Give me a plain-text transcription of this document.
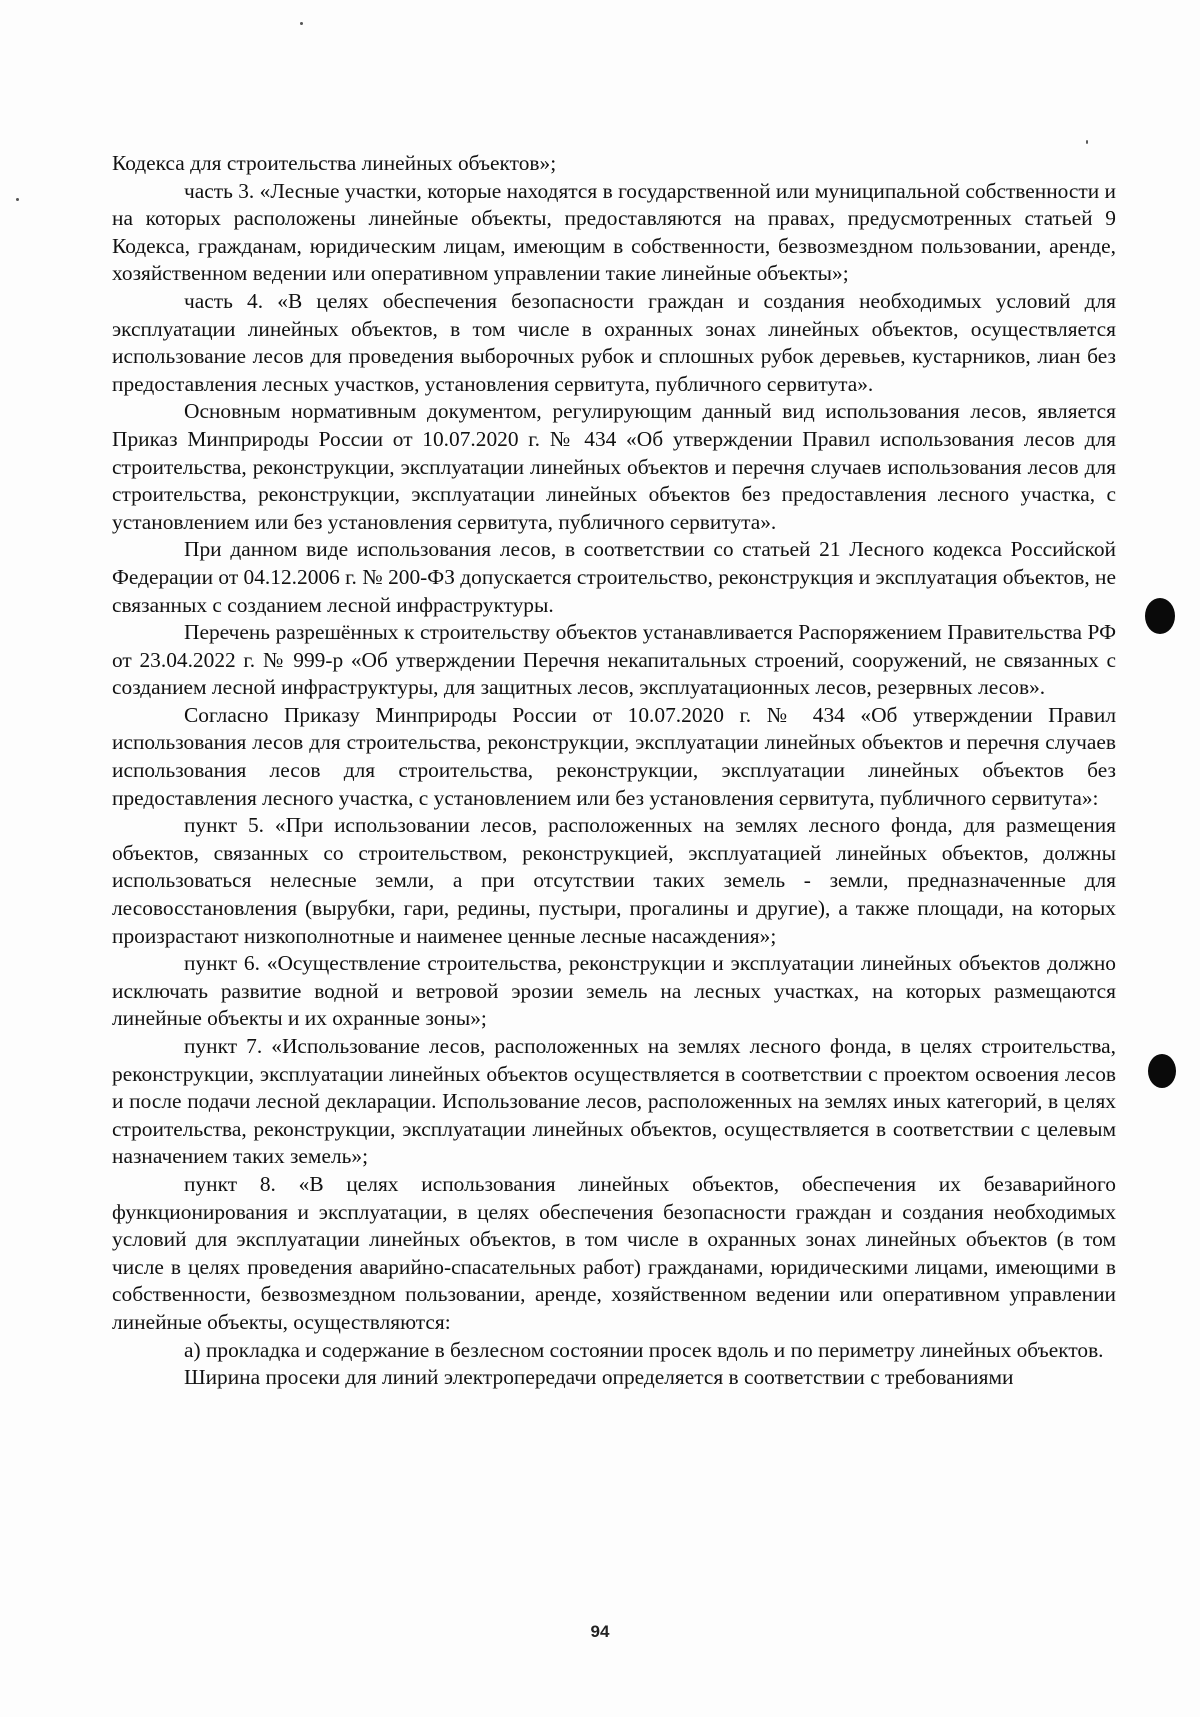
Кодекса для строительства линейных объектов»;

часть 3. «Лесные участки, которые находятся в государственной или муниципальной собственности и на которых расположены линейные объекты, предоставляются на правах, предусмотренных статьей 9 Кодекса, гражданам, юридическим лицам, имеющим в собственности, безвозмездном пользовании, аренде, хозяйственном ведении или оперативном управлении такие линейные объекты»;

часть 4. «В целях обеспечения безопасности граждан и создания необходимых условий для эксплуатации линейных объектов, в том числе в охранных зонах линейных объектов, осуществляется использование лесов для проведения выборочных рубок и сплошных рубок деревьев, кустарников, лиан без предоставления лесных участков, установления сервитута, публичного сервитута».

Основным нормативным документом, регулирующим данный вид использования лесов, является Приказ Минприроды России от 10.07.2020 г. № 434 «Об утверждении Правил использования лесов для строительства, реконструкции, эксплуатации линейных объектов и перечня случаев использования лесов для строительства, реконструкции, эксплуатации линейных объектов без предоставления лесного участка, с установлением или без установления сервитута, публичного сервитута».

При данном виде использования лесов, в соответствии со статьей 21 Лесного кодекса Российской Федерации от 04.12.2006 г. № 200-ФЗ допускается строительство, реконструкция и эксплуатация объектов, не связанных с созданием лесной инфраструктуры.

Перечень разрешённых к строительству объектов устанавливается Распоряжением Правительства РФ от 23.04.2022 г. № 999-р «Об утверждении Перечня некапитальных строений, сооружений, не связанных с созданием лесной инфраструктуры, для защитных лесов, эксплуатационных лесов, резервных лесов».

Согласно Приказу Минприроды России от 10.07.2020 г. № 434 «Об утверждении Правил использования лесов для строительства, реконструкции, эксплуатации линейных объектов и перечня случаев использования лесов для строительства, реконструкции, эксплуатации линейных объектов без предоставления лесного участка, с установлением или без установления сервитута, публичного сервитута»:

пункт 5. «При использовании лесов, расположенных на землях лесного фонда, для размещения объектов, связанных со строительством, реконструкцией, эксплуатацией линейных объектов, должны использоваться нелесные земли, а при отсутствии таких земель - земли, предназначенные для лесовосстановления (вырубки, гари, редины, пустыри, прогалины и другие), а также площади, на которых произрастают низкополнотные и наименее ценные лесные насаждения»;

пункт 6. «Осуществление строительства, реконструкции и эксплуатации линейных объектов должно исключать развитие водной и ветровой эрозии земель на лесных участках, на которых размещаются линейные объекты и их охранные зоны»;

пункт 7. «Использование лесов, расположенных на землях лесного фонда, в целях строительства, реконструкции, эксплуатации линейных объектов осуществляется в соответствии с проектом освоения лесов и после подачи лесной декларации. Использование лесов, расположенных на землях иных категорий, в целях строительства, реконструкции, эксплуатации линейных объектов, осуществляется в соответствии с целевым назначением таких земель»;

пункт 8. «В целях использования линейных объектов, обеспечения их безаварийного функционирования и эксплуатации, в целях обеспечения безопасности граждан и создания необходимых условий для эксплуатации линейных объектов, в том числе в охранных зонах линейных объектов (в том числе в целях проведения аварийно-спасательных работ) гражданами, юридическими лицами, имеющими в собственности, безвозмездном пользовании, аренде, хозяйственном ведении или оперативном управлении линейные объекты, осуществляются:

а) прокладка и содержание в безлесном состоянии просек вдоль и по периметру линейных объектов.

Ширина просеки для линий электропередачи определяется в соответствии с требованиями

94
